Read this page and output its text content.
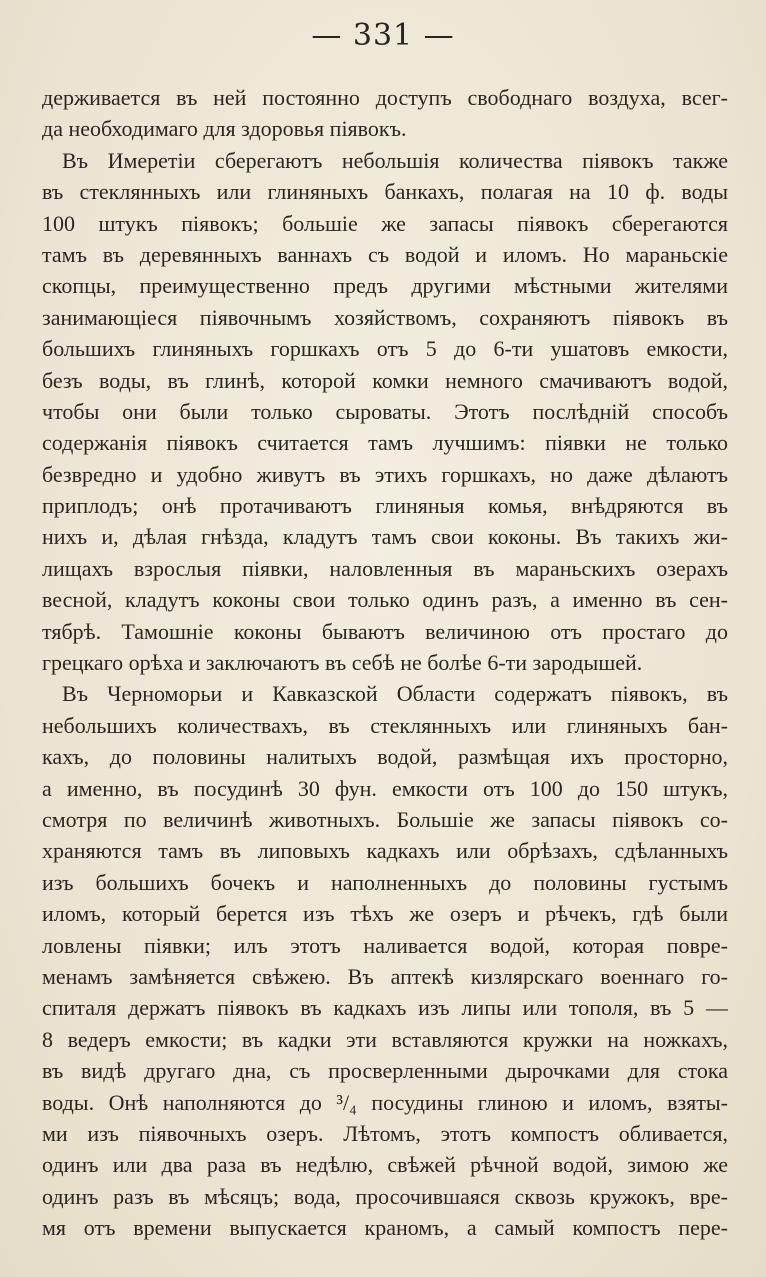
— 331 —
держивается въ ней постоянно доступъ свободнаго воздуха, всег-
да необходимаго для здоровья піявокъ.
Въ Имеретіи сберегаютъ небольшія количества піявокъ также
въ стеклянныхъ или глиняныхъ банкахъ, полагая на 10 ф. воды
100 штукъ піявокъ; большіе же запасы піявокъ сберегаются
тамъ въ деревянныхъ ваннахъ съ водой и иломъ. Но мараньскіе
скопцы, преимущественно предъ другими мѣстными жителями
занимающіеся піявочнымъ хозяйствомъ, сохраняютъ піявокъ въ
большихъ глиняныхъ горшкахъ отъ 5 до 6-ти ушатовъ емкости,
безъ воды, въ глинѣ, которой комки немного смачиваютъ водой,
чтобы они были только сыроваты. Этотъ послѣдній способъ
содержанія піявокъ считается тамъ лучшимъ: піявки не только
безвредно и удобно живутъ въ этихъ горшкахъ, но даже дѣлаютъ
приплодъ; онѣ протачиваютъ глиняныя комья, внѣдряются въ
нихъ и, дѣлая гнѣзда, кладутъ тамъ свои коконы. Въ такихъ жи-
лищахъ взрослыя піявки, наловленныя въ мараньскихъ озерахъ
весной, кладутъ коконы свои только одинъ разъ, а именно въ сен-
тябрѣ. Тамошніе коконы бываютъ величиною отъ простаго до
грецкаго орѣха и заключаютъ въ себѣ не болѣе 6-ти зародышей.
Въ Черноморьи и Кавказской Области содержатъ піявокъ, въ
небольшихъ количествахъ, въ стеклянныхъ или глиняныхъ бан-
кахъ, до половины налитыхъ водой, размѣщая ихъ просторно,
а именно, въ посудинѣ 30 фун. емкости отъ 100 до 150 штукъ,
смотря по величинѣ животныхъ. Большіе же запасы піявокъ со-
храняются тамъ въ липовыхъ кадкахъ или обрѣзахъ, сдѣланныхъ
изъ большихъ бочекъ и наполненныхъ до половины густымъ
иломъ, который берется изъ тѣхъ же озеръ и рѣчекъ, гдѣ были
ловлены піявки; илъ этотъ наливается водой, которая повре-
менамъ замѣняется свѣжею. Въ аптекѣ кизлярскаго военнаго го-
спиталя держатъ піявокъ въ кадкахъ изъ липы или тополя, въ 5 —
8 ведеръ емкости; въ кадки эти вставляются кружки на ножкахъ,
въ видѣ другаго дна, съ просверленными дырочками для стока
воды. Онѣ наполняются до ³/₄ посудины глиною и иломъ, взяты-
ми изъ піявочныхъ озеръ. Лѣтомъ, этотъ компостъ обливается,
одинъ или два раза въ недѣлю, свѣжей рѣчной водой, зимою же
одинъ разъ въ мѣсяцъ; вода, просочившаяся сквозь кружокъ, вре-
мя отъ времени выпускается краномъ, а самый компостъ пере-
